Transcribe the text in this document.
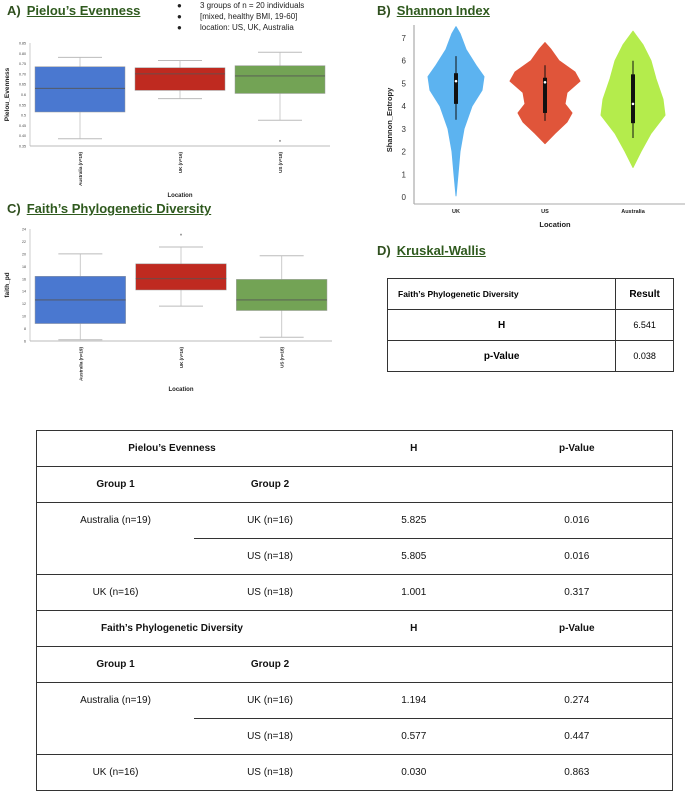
A) Pielou’s Evenness	●	3 groups of n = 20 individuals
●	[mixed, healthy BMI, 19-60]
●	location: US, UK, Australia
B) Shannon Index
C) Faith’s Phylogenetic Diversity
D) Kruskal-Wallis
0.35
0.40
0.45
0.5
0.55
0.6
0.65
0.70
0.75
0.80
0.85
Pielou_Evenness
Australia (n=19)	UK (n=16)	US (n=18)
Location	0
1
2
3
4
5
6
7
Shannon_Entropy
UK	US	Australia
Location
6
8
10
12
14
16
18
20
22
24
faith_pd
Australia (n=19)	UK (n=16)	US (n=18)
Location
Faith’s Phylogenetic Diversity	Result
H	6.541
p-Value	0.038
Pielou’s Evenness		H	p-Value
Group 1	Group 2		
Australia (n=19)	UK (n=16)	5.825	0.016
	US (n=18)	5.805	0.016
UK (n=16)	US (n=18)	1.001	0.317
Faith’s Phylogenetic Diversity		H	p-Value
Group 1	Group 2		
Australia (n=19)	UK (n=16)	1.194	0.274
	US (n=18)	0.577	0.447
UK (n=16)	US (n=18)	0.030	0.863
